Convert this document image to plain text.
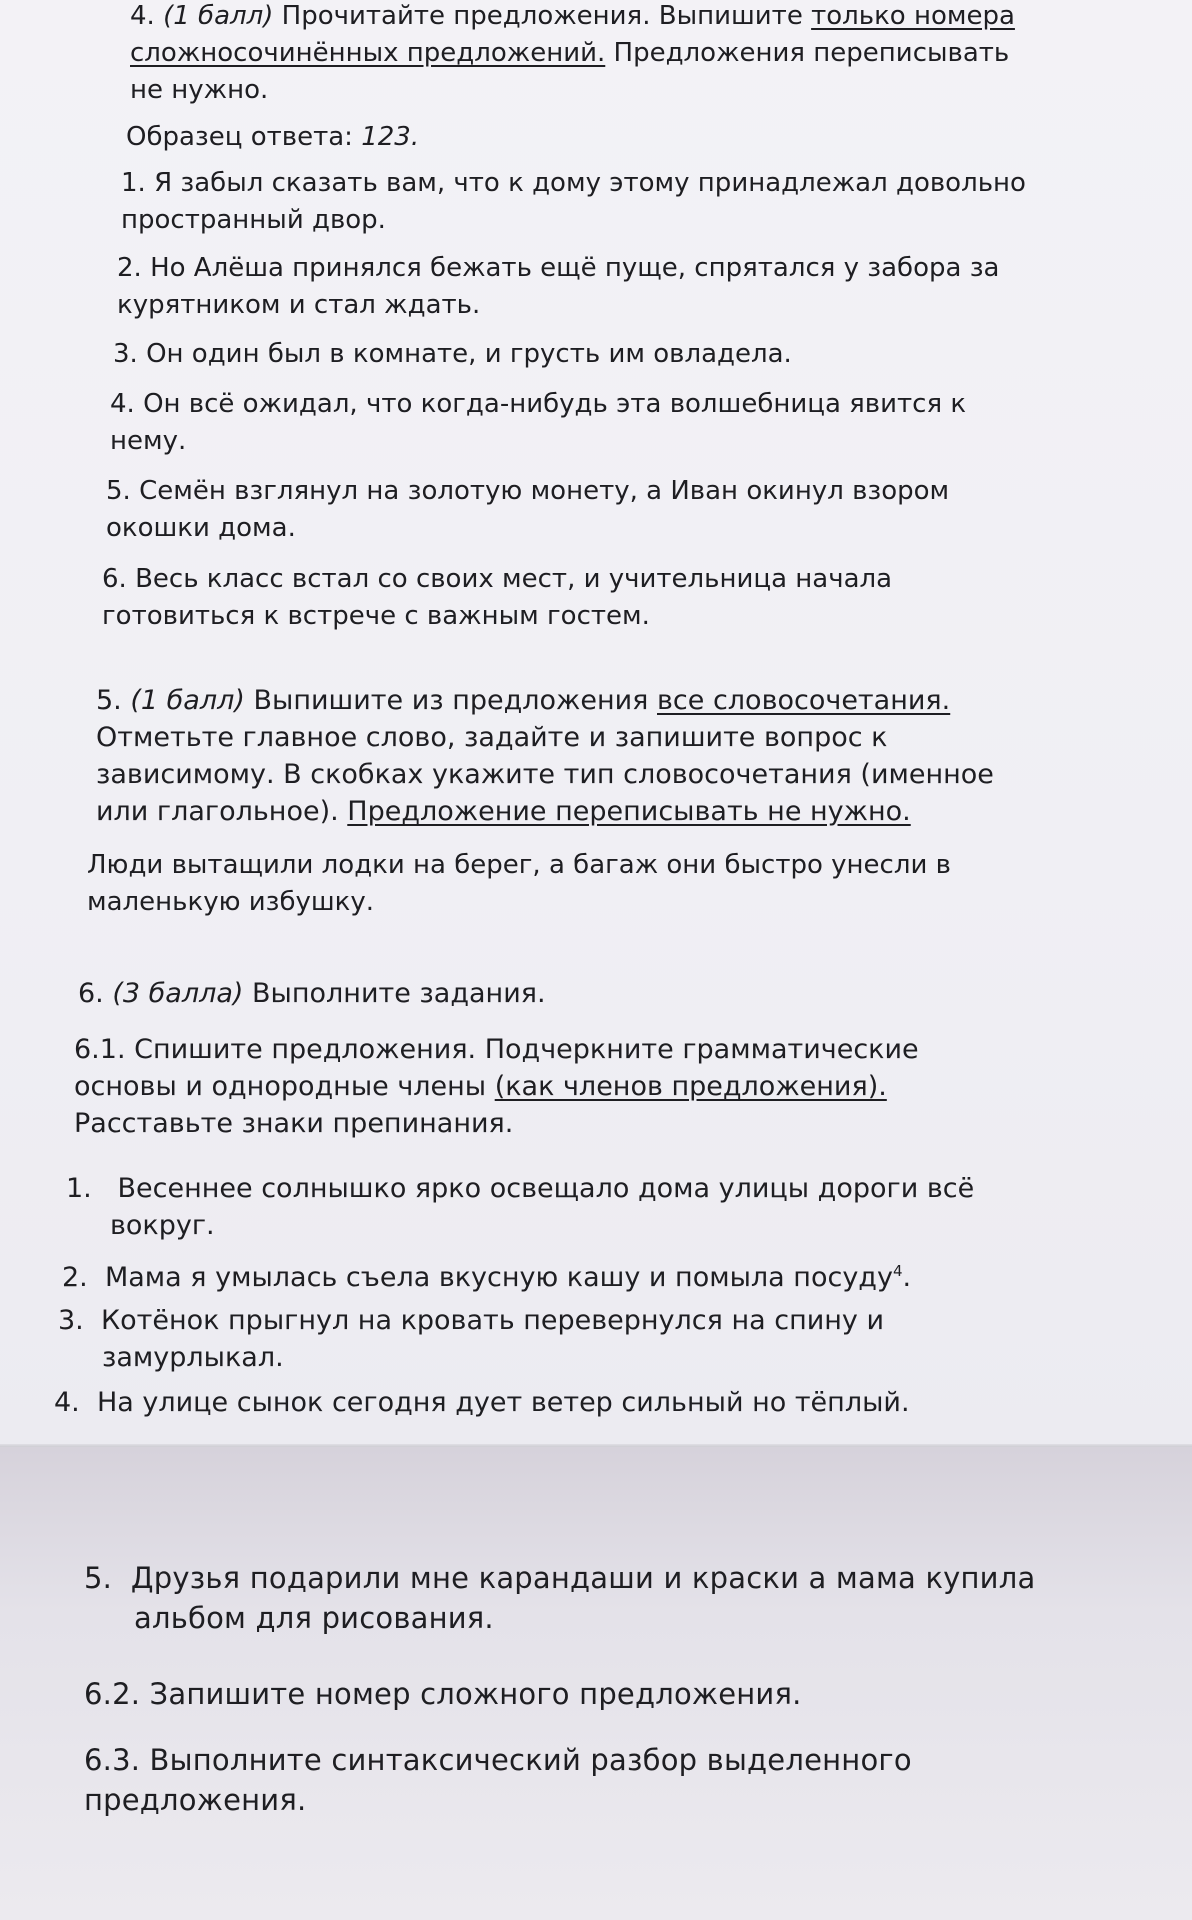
4. (1 балл) Прочитайте предложения. Выпишите только номера

сложносочинённых предложений. Предложения переписывать

не нужно.

Образец ответа: 123.

1. Я забыл сказать вам, что к дому этому принадлежал довольно

пространный двор.

2. Но Алёша принялся бежать ещё пуще, спрятался у забора за

курятником и стал ждать.

3. Он один был в комнате, и грусть им овладела.

4. Он всё ожидал, что когда-нибудь эта волшебница явится к

нему.

5. Семён взглянул на золотую монету, а Иван окинул взором

окошки дома.

6. Весь класс встал со своих мест, и учительница начала

готовиться к встрече с важным гостем.

5. (1 балл) Выпишите из предложения все словосочетания.

Отметьте главное слово, задайте и запишите вопрос к

зависимому. В скобках укажите тип словосочетания (именное

или глагольное). Предложение переписывать не нужно.

Люди вытащили лодки на берег, а багаж они быстро унесли в

маленькую избушку.

6. (3 балла) Выполните задания.

6.1. Спишите предложения. Подчеркните грамматические

основы и однородные члены (как членов предложения).

Расставьте знаки препинания.

1. Весеннее солнышко ярко освещало дома улицы дороги всё

вокруг.

2. Мама я умылась съела вкусную кашу и помыла посуду$^4$.

3. Котёнок прыгнул на кровать перевернулся на спину и

замурлыкал.

4. На улице сынок сегодня дует ветер сильный но тёплый.

5. Друзья подарили мне карандаши и краски а мама купила

альбом для рисования.

6.2. Запишите номер сложного предложения.

6.3. Выполните синтаксический разбор выделенного

предложения.
